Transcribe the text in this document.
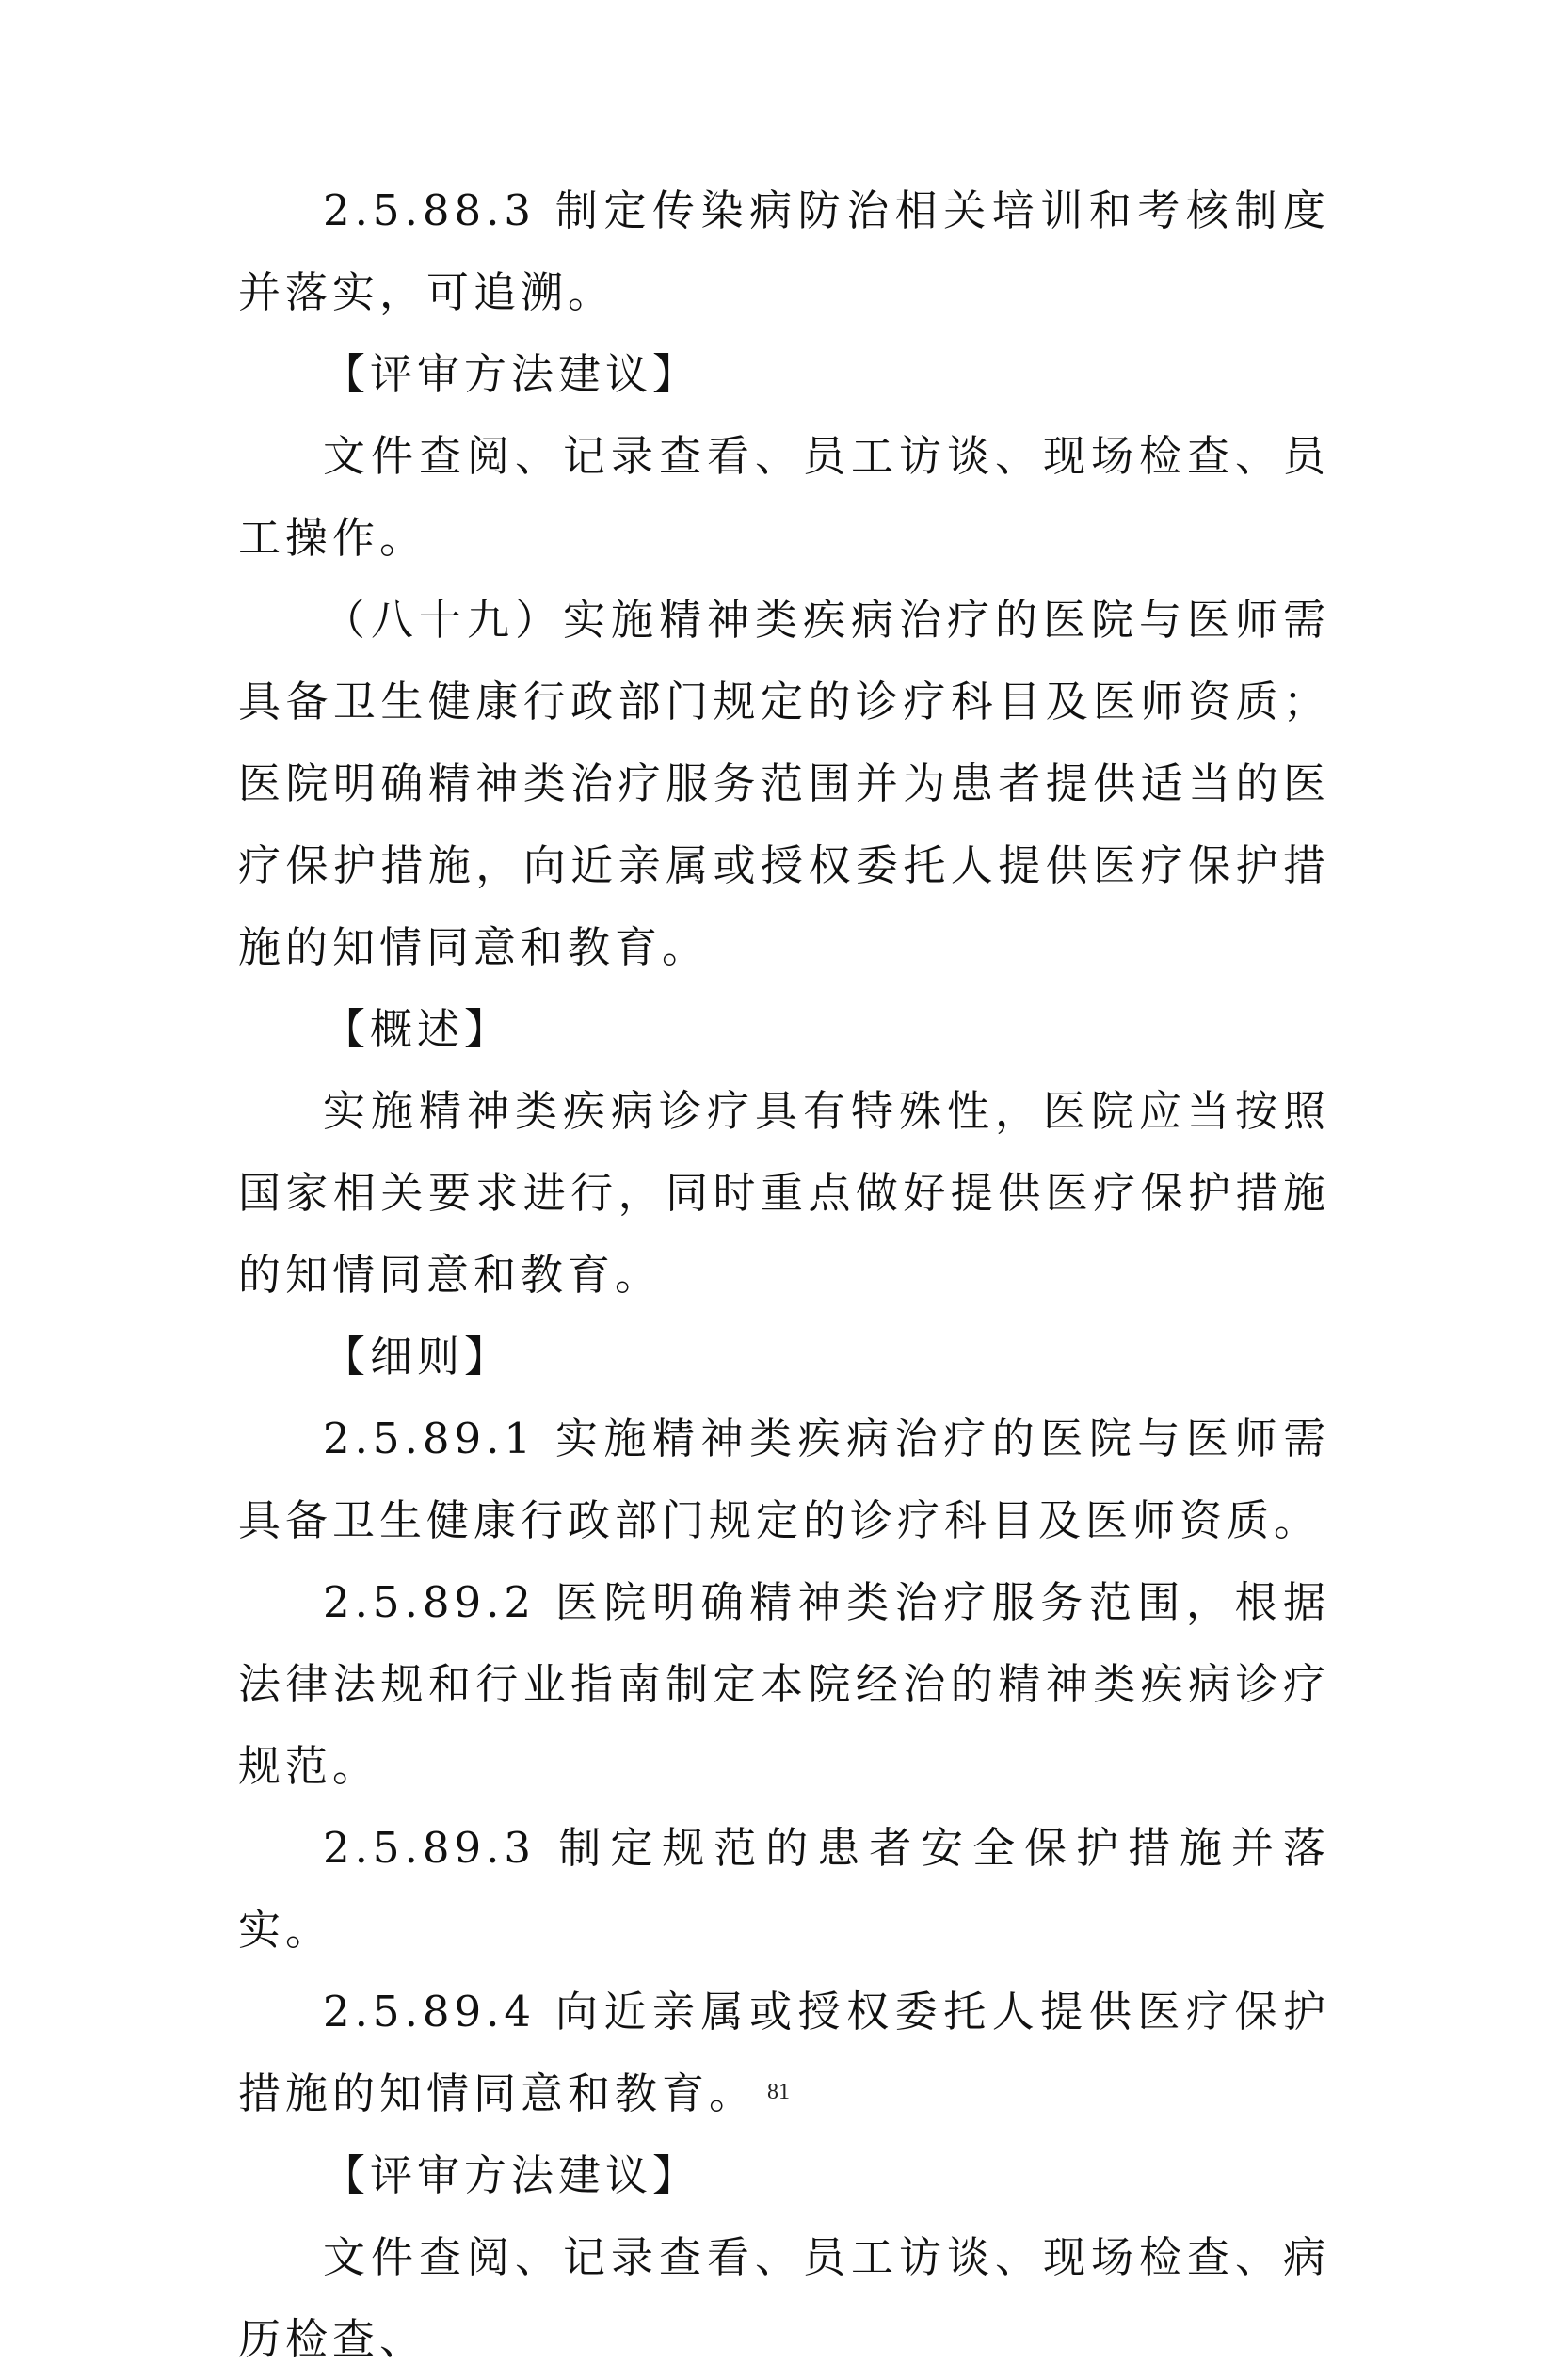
2.5.88.3 制定传染病防治相关培训和考核制度并落实，可追溯。

【评审方法建议】

文件查阅、记录查看、员工访谈、现场检查、员工操作。

（八十九）实施精神类疾病治疗的医院与医师需具备卫生健康行政部门规定的诊疗科目及医师资质；医院明确精神类治疗服务范围并为患者提供适当的医疗保护措施，向近亲属或授权委托人提供医疗保护措施的知情同意和教育。

【概述】

实施精神类疾病诊疗具有特殊性，医院应当按照国家相关要求进行，同时重点做好提供医疗保护措施的知情同意和教育。

【细则】

2.5.89.1 实施精神类疾病治疗的医院与医师需具备卫生健康行政部门规定的诊疗科目及医师资质。

2.5.89.2 医院明确精神类治疗服务范围，根据法律法规和行业指南制定本院经治的精神类疾病诊疗规范。

2.5.89.3 制定规范的患者安全保护措施并落实。

2.5.89.4 向近亲属或授权委托人提供医疗保护措施的知情同意和教育。

【评审方法建议】

文件查阅、记录查看、员工访谈、现场检查、病历检查、

81
